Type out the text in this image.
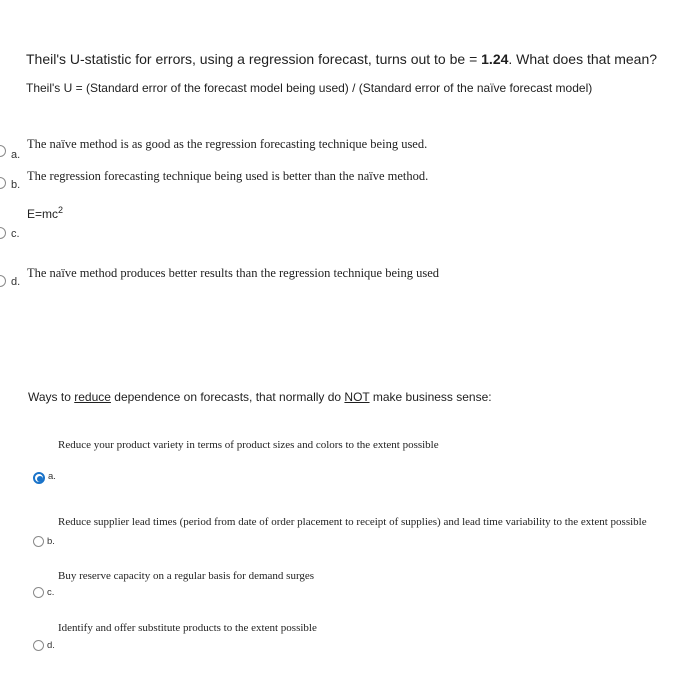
Theil's U-statistic for errors, using a regression forecast, turns out to be = 1.24. What does that mean?
Theil's U = (Standard error of the forecast model being used) / (Standard error of the naïve forecast model)
a.
The naïve method is as good as the regression forecasting technique being used.
b.
The regression forecasting technique being used is better than the naïve method.
$E=mc^2$
c.
d.
The naïve method produces better results than the regression technique being used
Ways to reduce dependence on forecasts, that normally do NOT make business sense:
Reduce your product variety in terms of product sizes and colors to the extent possible
a.
Reduce supplier lead times (period from date of order placement to receipt of supplies) and lead time variability to the extent possible
b.
Buy reserve capacity on a regular basis for demand surges
c.
Identify and offer substitute products to the extent possible
d.
